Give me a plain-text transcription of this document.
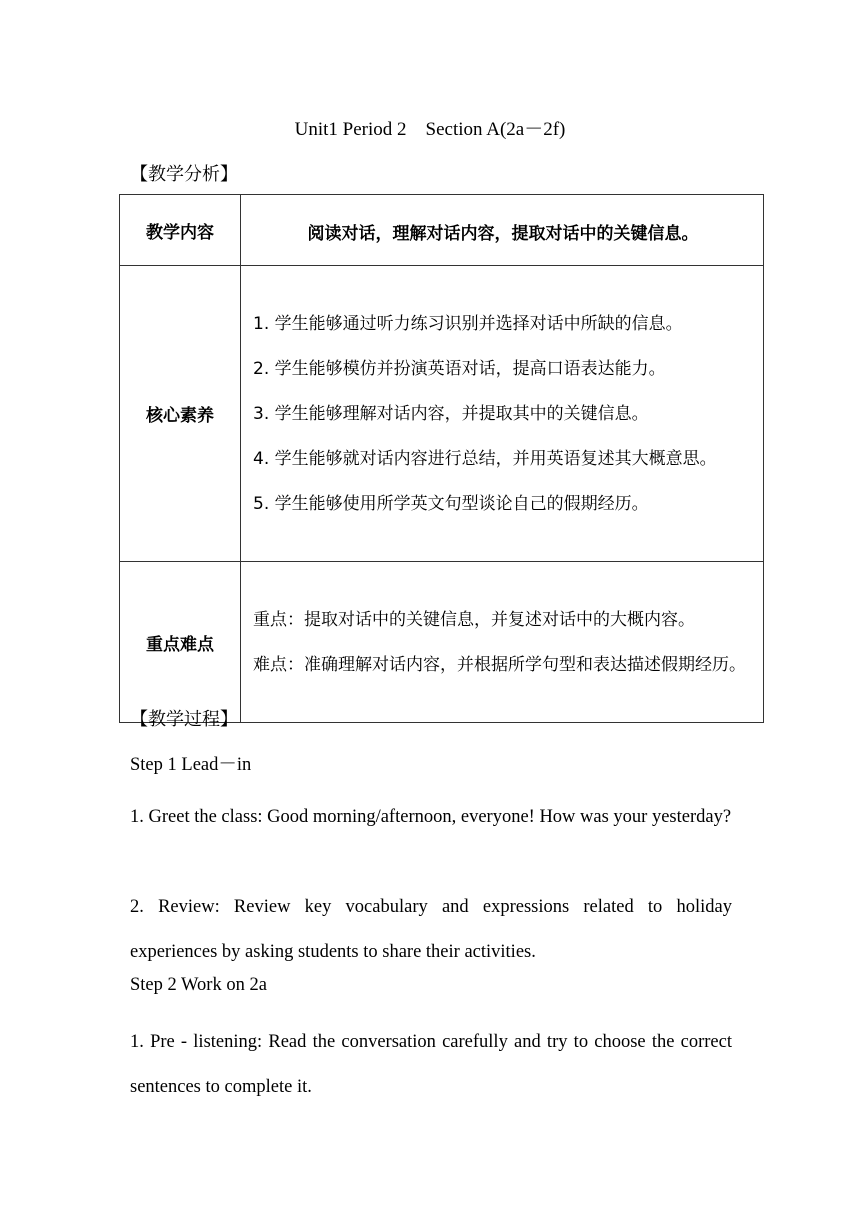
Unit1 Period 2    Section A(2a－2f)
【教学分析】
教学内容	阅读对话，理解对话内容，提取对话中的关键信息。
核心素养	1. 学生能够通过听力练习识别并选择对话中所缺的信息。
2. 学生能够模仿并扮演英语对话，提高口语表达能力。
3. 学生能够理解对话内容，并提取其中的关键信息。
4. 学生能够就对话内容进行总结，并用英语复述其大概意思。
5. 学生能够使用所学英文句型谈论自己的假期经历。

重点难点	重点：提取对话中的关键信息，并复述对话中的大概内容。
难点：准确理解对话内容，并根据所学句型和表达描述假期经历。
【教学过程】
Step 1 Lead－in
1. Greet the class: Good morning/afternoon, everyone! How was your yesterday?
2. Review: Review key vocabulary and expressions related to holiday experiences by asking students to share their activities.
Step 2 Work on 2a
1. Pre - listening: Read the conversation carefully and try to choose the correct sentences to complete it.
